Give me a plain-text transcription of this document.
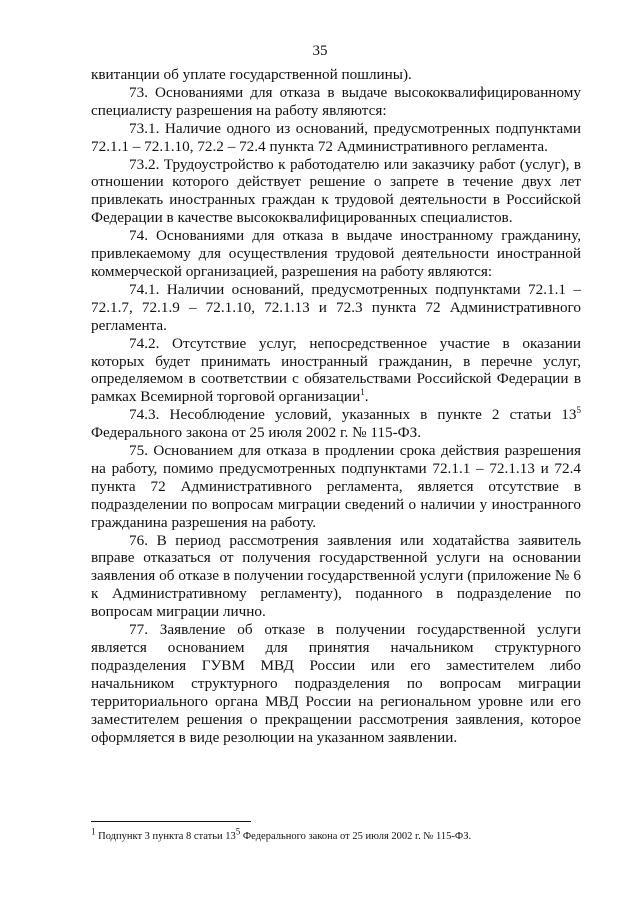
35

квитанции об уплате государственной пошлины).

73. Основаниями для отказа в выдаче высококвалифицированному специалисту разрешения на работу являются:

73.1. Наличие одного из оснований, предусмотренных подпунктами 72.1.1 – 72.1.10, 72.2 – 72.4 пункта 72 Административного регламента.

73.2. Трудоустройство к работодателю или заказчику работ (услуг), в отношении которого действует решение о запрете в течение двух лет привлекать иностранных граждан к трудовой деятельности в Российской Федерации в качестве высококвалифицированных специалистов.

74. Основаниями для отказа в выдаче иностранному гражданину, привлекаемому для осуществления трудовой деятельности иностранной коммерческой организацией, разрешения на работу являются:

74.1. Наличии оснований, предусмотренных подпунктами 72.1.1 – 72.1.7, 72.1.9 – 72.1.10, 72.1.13 и 72.3 пункта 72 Административного регламента.

74.2. Отсутствие услуг, непосредственное участие в оказании которых будет принимать иностранный гражданин, в перечне услуг, определяемом в соответствии с обязательствами Российской Федерации в рамках Всемирной торговой организации$^1$.

74.3. Несоблюдение условий, указанных в пункте 2 статьи $13^5$ Федерального закона от 25 июля 2002 г. № 115-ФЗ.

75. Основанием для отказа в продлении срока действия разрешения на работу, помимо предусмотренных подпунктами 72.1.1 – 72.1.13 и 72.4 пункта 72 Административного регламента, является отсутствие в подразделении по вопросам миграции сведений о наличии у иностранного гражданина разрешения на работу.

76. В период рассмотрения заявления или ходатайства заявитель вправе отказаться от получения государственной услуги на основании заявления об отказе в получении государственной услуги (приложение № 6 к Административному регламенту), поданного в подразделение по вопросам миграции лично.

77. Заявление об отказе в получении государственной услуги является основанием для принятия начальником структурного подразделения ГУВМ МВД России или его заместителем либо начальником структурного подразделения по вопросам миграции территориального органа МВД России на региональном уровне или его заместителем решения о прекращении рассмотрения заявления, которое оформляется в виде резолюции на указанном заявлении.

$^1$ Подпункт 3 пункта 8 статьи $13^5$ Федерального закона от 25 июля 2002 г. № 115-ФЗ.
